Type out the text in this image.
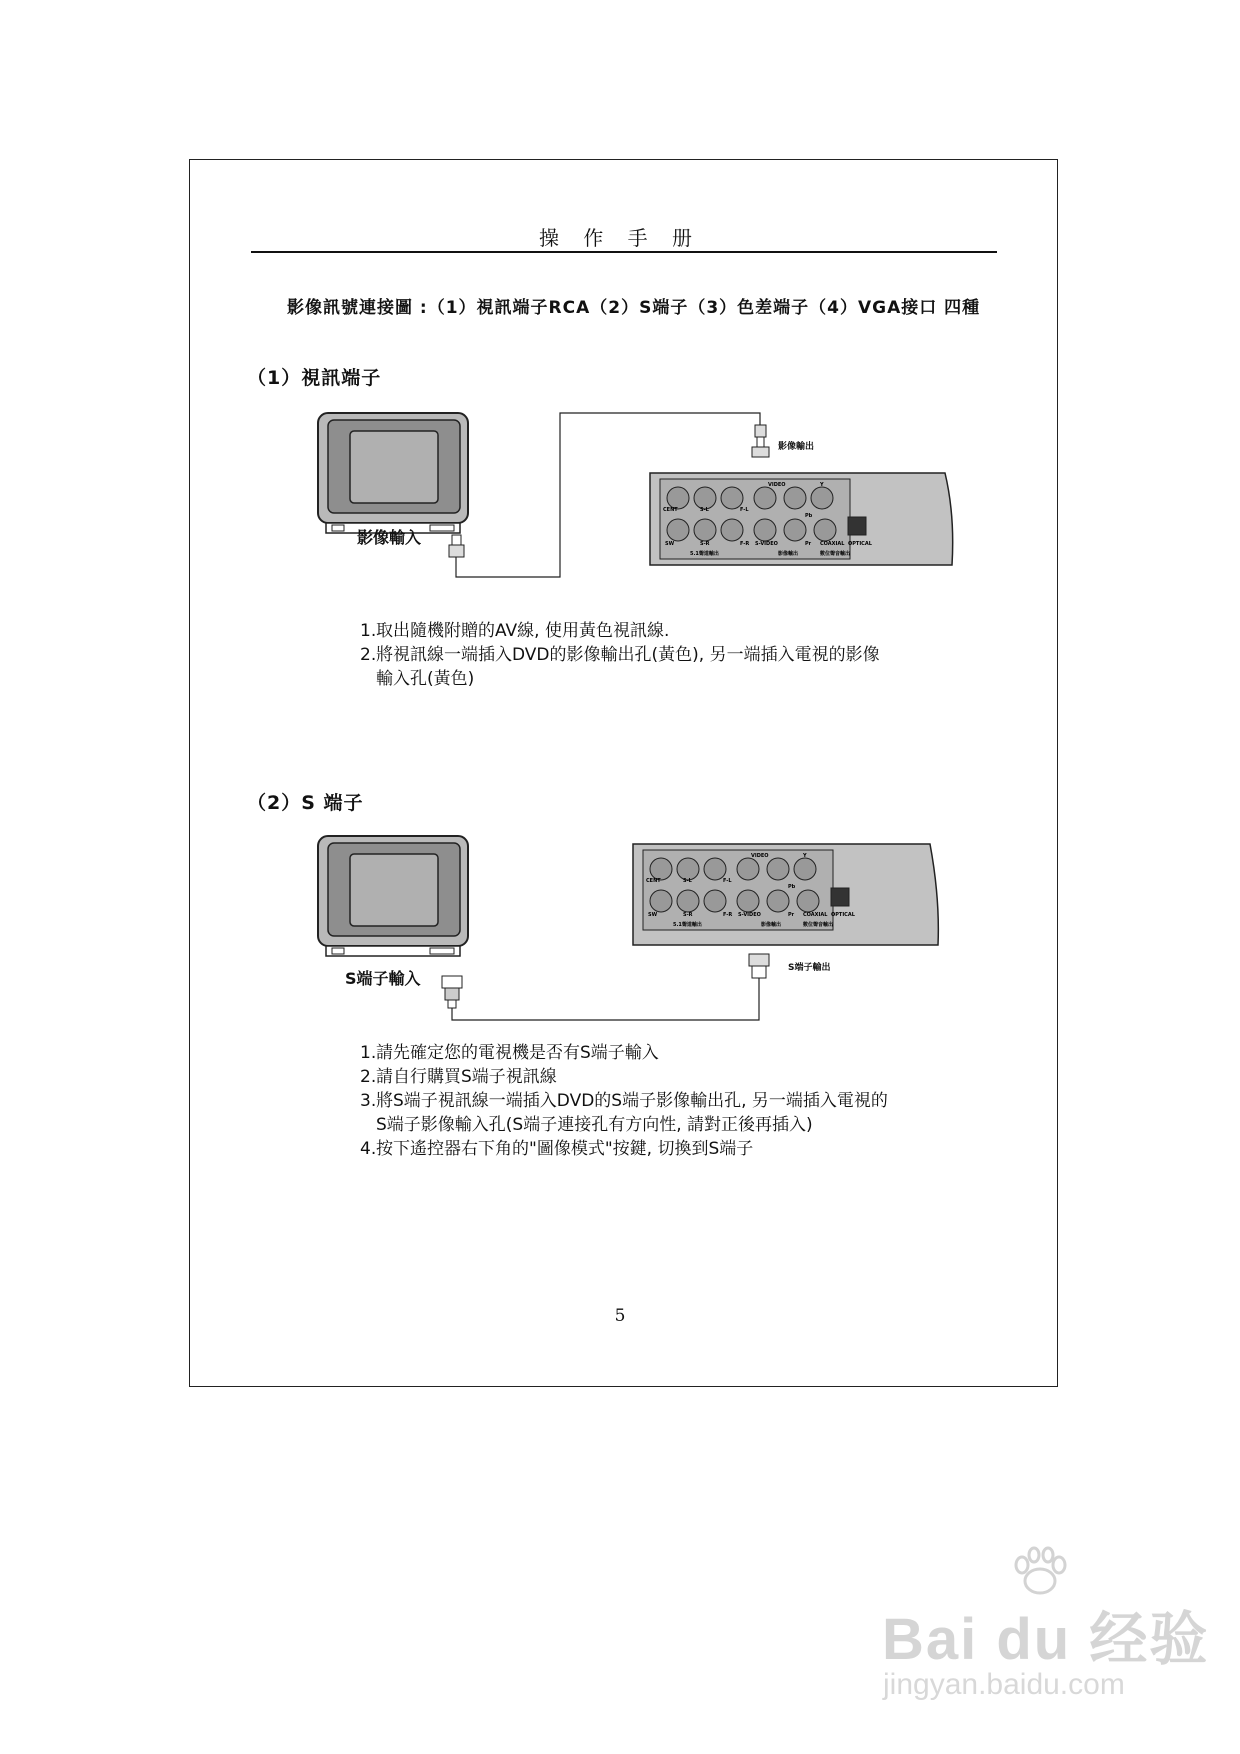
操 作 手 册
影像訊號連接圖 :（1）視訊端子RCA（2）S端子（3）色差端子（4）VGA接口 四種
（1）視訊端子
CENT	S-L	F-L
SW	S-R	F-R
5.1聲道輸出
VIDEO	Y
Pb
S-VIDEO	Pr
影像輸出
COAXIAL OPTICAL
數位聲音輸出
影像輸入
影像輸出
1. 取出隨機附贈的AV線, 使用黃色視訊線.
2. 將視訊線一端插入DVD的影像輸出孔(黃色), 另一端插入電視的影像
輸入孔(黃色)
（2）S 端子
CENT	S-L	F-L
SW	S-R	F-R
5.1聲道輸出
VIDEO	Y
Pb
S-VIDEO	Pr
影像輸出
COAXIAL OPTICAL
數位聲音輸出
S端子輸入
S端子輸出
1. 請先確定您的電視機是否有S端子輸入
2. 請自行購買S端子視訊線
3. 將S端子視訊線一端插入DVD的S端子影像輸出孔, 另一端插入電視的
S端子影像輸入孔(S端子連接孔有方向性, 請對正後再插入)
4. 按下遙控器右下角的"圖像模式"按鍵, 切換到S端子
5
Bai du 经验
jingyan.baidu.com
